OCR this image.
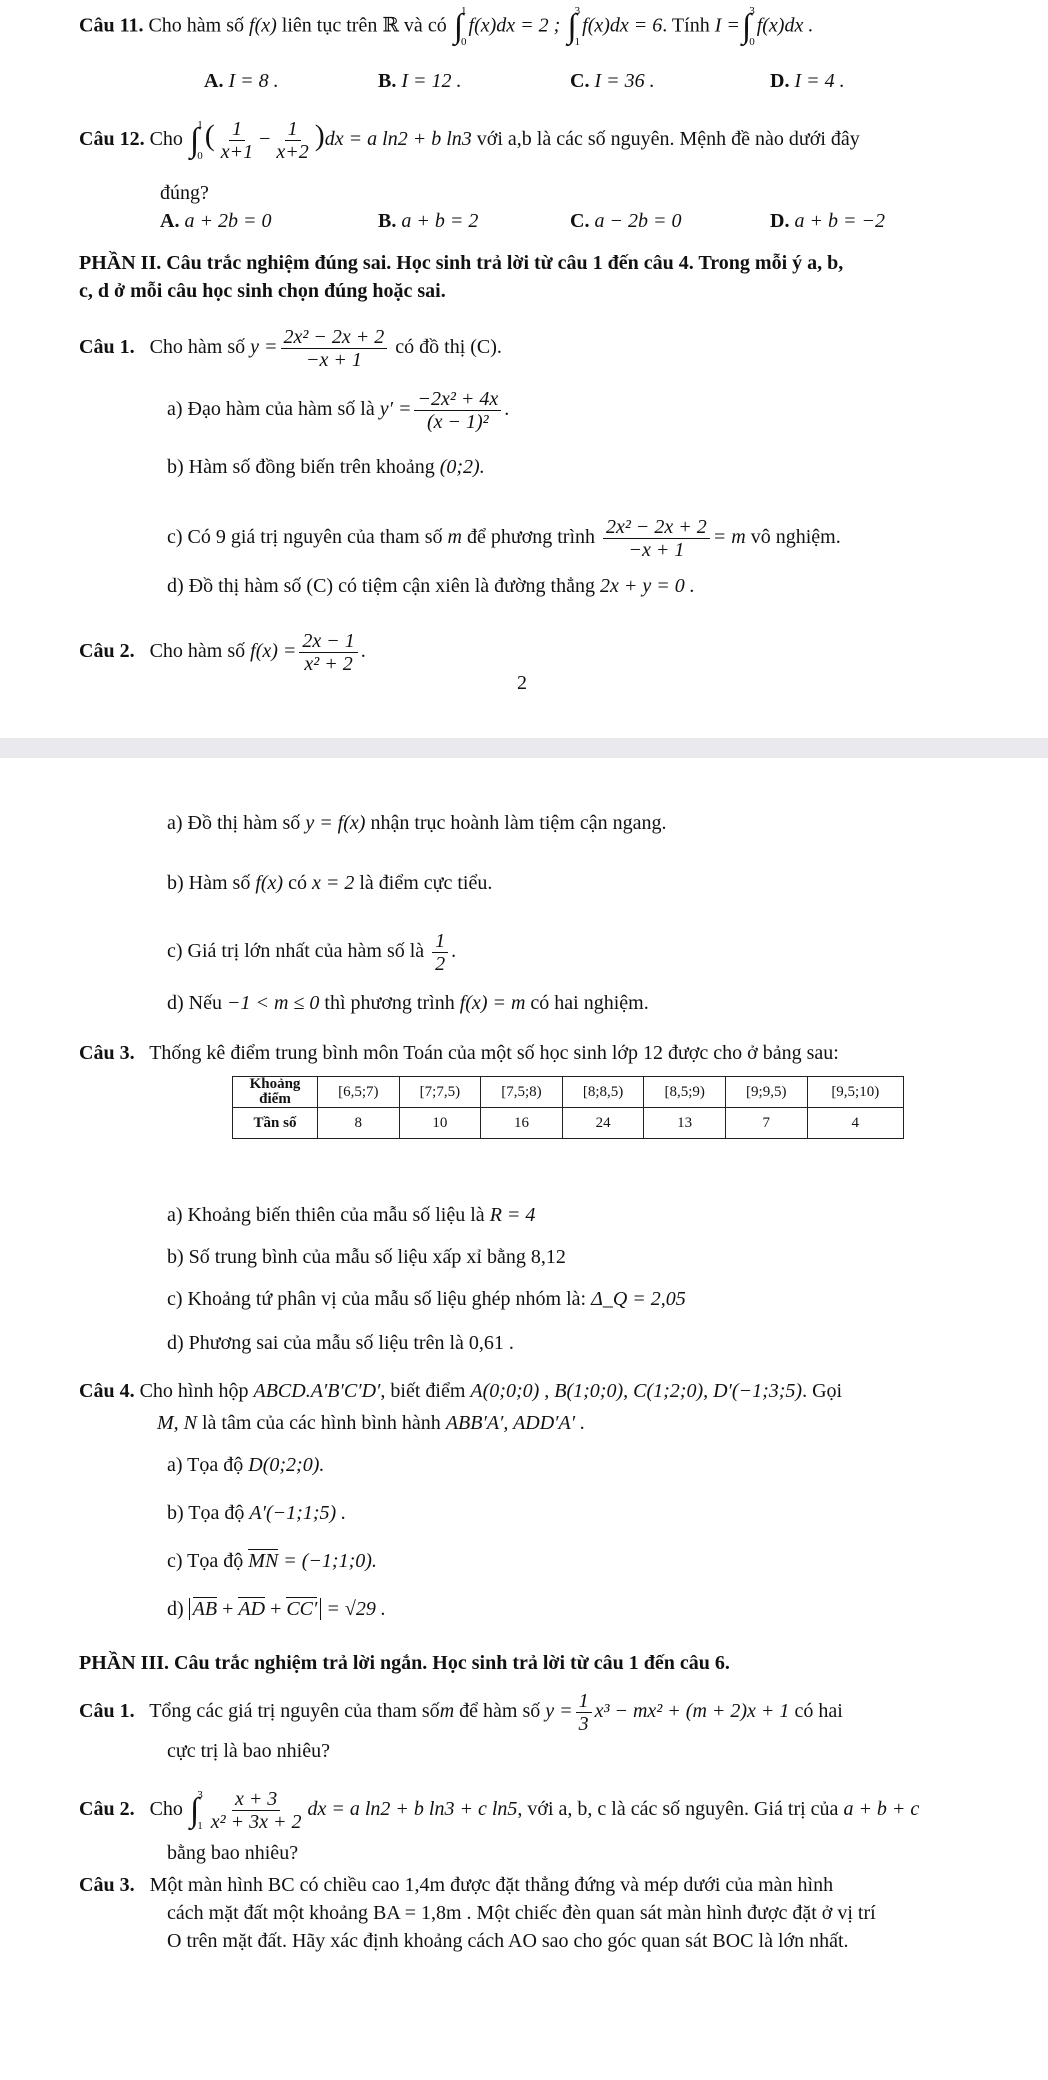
Câu 11. Cho hàm số f(x) liên tục trên ℝ và có ∫
1
0
f(x)dx = 2 ; ∫
3
1
f(x)dx = 6. Tính I = ∫
3
0
f(x)dx .
A. I = 8 .	B. I = 12 .	C. I = 36 .	D. I = 4 .
Câu 12. Cho ∫
1
0
( $\frac{1}{x+1} - \frac{1}{x+2} )dx = a$ ln2 + b ln3 với a,b là các số nguyên. Mệnh đề nào dưới đây
đúng?
A. a + 2b = 0	B. a + b = 2	C. a − 2b = 0	D. a + b = −2
PHẦN II. Câu trắc nghiệm đúng sai. Học sinh trả lời từ câu 1 đến câu 4. Trong mỗi ý a, b,
c, d ở mỗi câu học sinh chọn đúng hoặc sai.
Câu 1. Cho hàm số $y = \frac{\text{2x² − 2x + 2}}{-x + 1}$ có đồ thị (C).
a) Đạo hàm của hàm số là $y' = \frac{\text{−2x² + 4x}}{\text{(x − 1)²}}$ .
b) Hàm số đồng biến trên khoảng (0;2).
c) Có 9 giá trị nguyên của tham số m để phương trình $\frac{\text{2x² − 2x + 2}}{-x + 1} = m$ vô nghiệm.
d) Đồ thị hàm số (C) có tiệm cận xiên là đường thẳng 2x + y = 0 .
Câu 2. Cho hàm số $f(x) = \frac{2x - 1}{\text{x² + 2}}$ .
2
a) Đồ thị hàm số y = f(x) nhận trục hoành làm tiệm cận ngang.
b) Hàm số f(x) có x = 2 là điểm cực tiểu.
c) Giá trị lớn nhất của hàm số là $\frac{1}{2}$ .
d) Nếu −1 < m ≤ 0 thì phương trình f(x) = m có hai nghiệm.
Câu 3. Thống kê điểm trung bình môn Toán của một số học sinh lớp 12 được cho ở bảng sau:
Khoảng
điểm	[6,5;7)	[7;7,5)	[7,5;8)	[8;8,5)	[8,5;9)	[9;9,5)	[9,5;10)
Tần số	8	10	16	24	13	7	4
a) Khoảng biến thiên của mẫu số liệu là R = 4
b) Số trung bình của mẫu số liệu xấp xỉ bằng 8,12
c) Khoảng tứ phân vị của mẫu số liệu ghép nhóm là: Δ_Q = 2,05
d) Phương sai của mẫu số liệu trên là 0,61 .
Câu 4. Cho hình hộp ABCD.A′B′C′D′, biết điểm A(0;0;0) , B(1;0;0), C(1;2;0), D′(−1;3;5). Gọi
M, N là tâm của các hình bình hành ABB′A′, ADD′A′ .
a) Tọa độ D(0;2;0).
b) Tọa độ A′(−1;1;5) .
c) Tọa độ MN = (−1;1;0).
d) AB + AD + CC′ = √29 .
PHẦN III. Câu trắc nghiệm trả lời ngắn. Học sinh trả lời từ câu 1 đến câu 6.
Câu 1. Tổng các giá trị nguyên của tham sốm để hàm số $y = \frac{1}{3} x^3 - mx^2 + (m + 2)x + 1$ có hai
cực trị là bao nhiêu?
Câu 2. Cho ∫
3
$1 \frac{x + 3}{\text{x² + 3x + 2}}$ dx = a ln2 + b ln3 + c ln5, với a, b, c là các số nguyên. Giá trị của a + b + c
bằng bao nhiêu?
Câu 3. Một màn hình BC có chiều cao 1,4m được đặt thẳng đứng và mép dưới của màn hình
cách mặt đất một khoảng BA = 1,8m . Một chiếc đèn quan sát màn hình được đặt ở vị trí
O trên mặt đất. Hãy xác định khoảng cách AO sao cho góc quan sát BOC là lớn nhất.
